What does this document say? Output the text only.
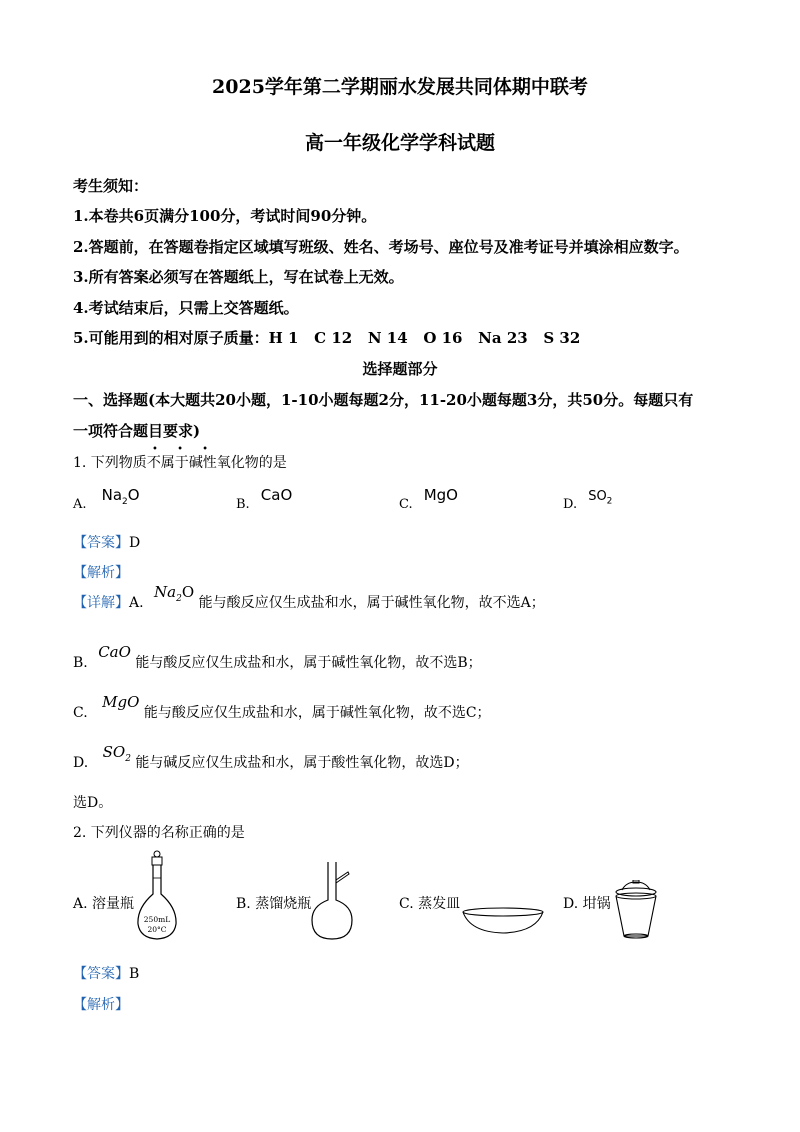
2025学年第二学期丽水发展共同体期中联考
高一年级化学学科试题
考生须知：
1.本卷共6页满分100分，考试时间90分钟。
2.答题前，在答题卷指定区域填写班级、姓名、考场号、座位号及准考证号并填涂相应数字。
3.所有答案必须写在答题纸上，写在试卷上无效。
4.考试结束后，只需上交答题纸。
5.可能用到的相对原子质量：H 1   C 12   N 14   O 16   Na 23   S 32
选择题部分
一、选择题(本大题共20小题，1-10小题每题2分，11-20小题每题3分，共50分。每题只有
一项符合题目要求)
1. 下列物质不属于碱性氧化物的是
• • •
$_{A.}$ $Na_2O$
$_{B.}$ CaO
$_{C.}$ MgO
$_{D.}$ $SO_2$
【答案】D
【解析】
【详解】A. $Na_2O$ 能与酸反应仅生成盐和水，属于碱性氧化物，故不选A；
B. CaO 能与酸反应仅生成盐和水，属于碱性氧化物，故不选B；
C. MgO 能与酸反应仅生成盐和水，属于碱性氧化物，故不选C；
D. $SO_2$ 能与碱反应仅生成盐和水，属于酸性氧化物，故选D；
选D。
2. 下列仪器的名称正确的是
A. 溶量瓶	B. 蒸馏烧瓶	C. 蒸发皿	D. 坩锅
250mL
20°C
【答案】B
【解析】
